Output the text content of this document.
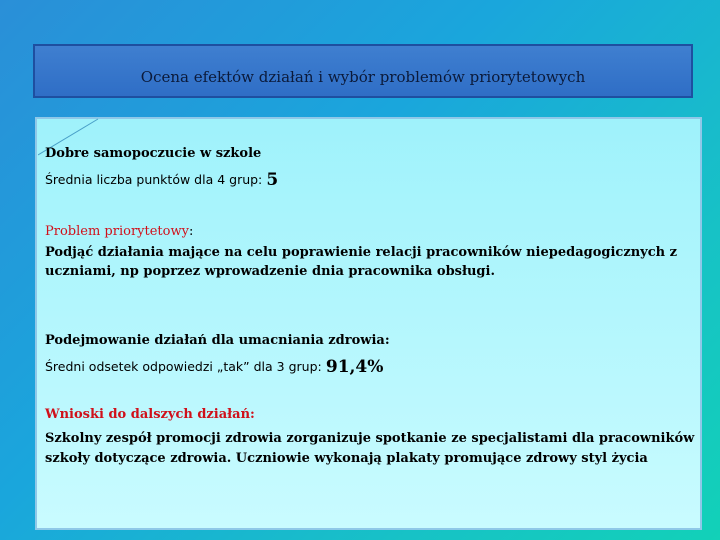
Ocena efektów działań i wybór problemów priorytetowych
Dobre samopoczucie w szkole
Średnia liczba punktów dla 4 grup: 5
Problem priorytetowy:
Podjąć działania mające na celu poprawienie relacji pracowników niepedagogicznych z
uczniami, np poprzez wprowadzenie dnia pracownika obsługi.
Podejmowanie działań dla umacniania zdrowia:
Średni odsetek odpowiedzi „tak” dla 3 grup: 91,4%
Wnioski do dalszych działań:
Szkolny zespół promocji zdrowia zorganizuje spotkanie ze specjalistami dla pracowników
szkoły dotyczące zdrowia. Uczniowie wykonają plakaty promujące zdrowy styl życia
